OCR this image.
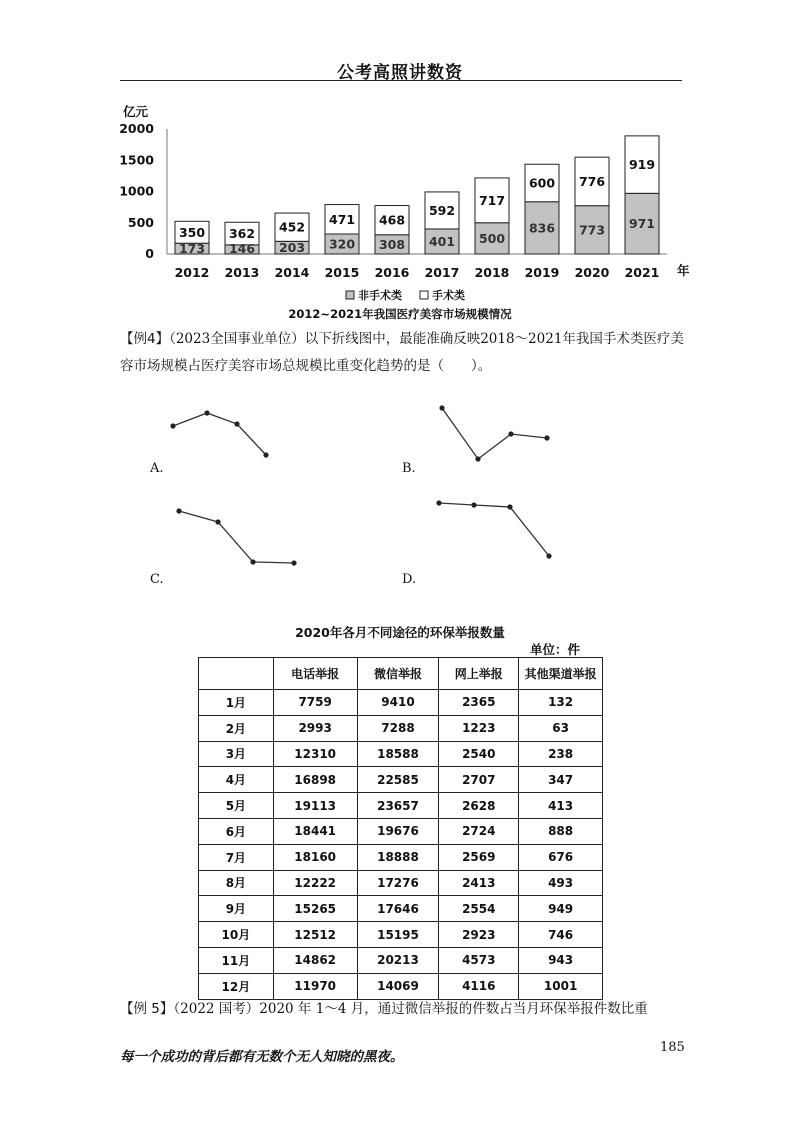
公考高照讲数资
亿元
0
500
1000
1500
2000
173
350
2012
146
362
2013
203
452
2014
320
471
2015
308
468
2016
401
592
2017
500
717
2018
836
600
2019
773
776
2020
971
919
2021 年
非手术类	手术类
2012~2021年我国医疗美容市场规模情况
【例4】（2023全国事业单位）以下折线图中，最能准确反映2018～2021年我国手术类医疗美容市场规模占医疗美容市场总规模比重变化趋势的是（　　）。
A.	B.
C.	D.
2020年各月不同途径的环保举报数量
单位：件
	电话举报	微信举报	网上举报	其他渠道举报
1月	7759	9410	2365	132
2月	2993	7288	1223	63
3月	12310	18588	2540	238
4月	16898	22585	2707	347
5月	19113	23657	2628	413
6月	18441	19676	2724	888
7月	18160	18888	2569	676
8月	12222	17276	2413	493
9月	15265	17646	2554	949
10月	12512	15195	2923	746
11月	14862	20213	4573	943
12月	11970	14069	4116	1001
【例 5】（2022 国考）2020 年 1～4 月，通过微信举报的件数占当月环保举报件数比重
每一个成功的背后都有无数个无人知晓的黑夜。
185
